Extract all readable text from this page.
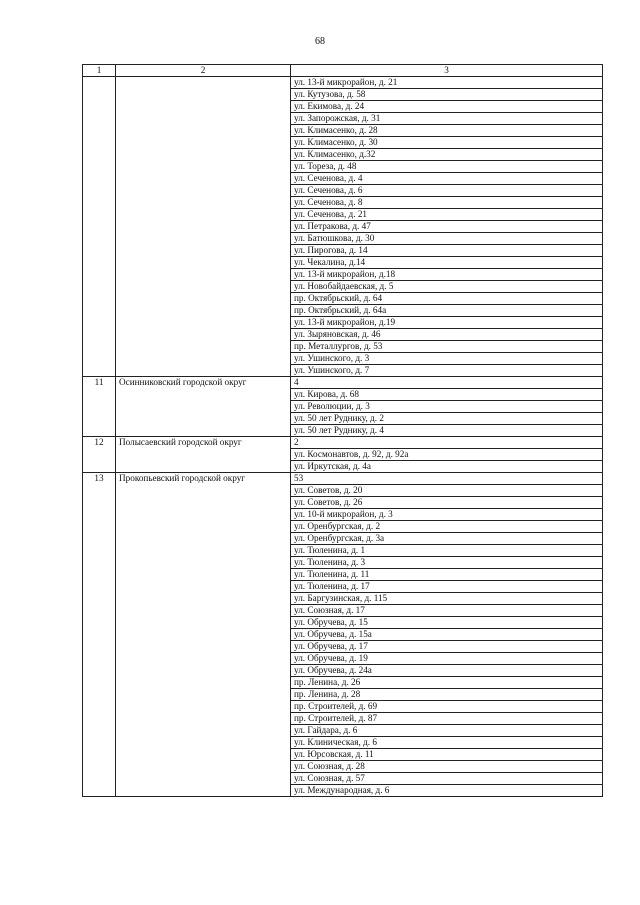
68
1	2	3
		ул. 13-й микрорайон, д. 21
		ул. Кутузова, д. 58
		ул. Екимова, д. 24
		ул. Запорожская, д. 31
		ул. Климасенко, д. 28
		ул. Климасенко, д. 30
		ул. Климасенко, д.32
		ул. Тореза, д. 48
		ул. Сеченова, д. 4
		ул. Сеченова, д. 6
		ул. Сеченова, д. 8
		ул. Сеченова, д. 21
		ул. Петракова, д. 47
		ул. Батюшкова, д. 30
		ул. Пирогова, д. 14
		ул. Чекалина, д.14
		ул. 13-й микрорайон, д.18
		ул. Новобайдаевская, д. 5
		пр. Октябрьский, д. 64
		пр. Октябрьский, д. 64а
		ул. 13-й микрорайон, д.19
		ул. Зыряновская, д. 46
		пр. Металлургов, д. 53
		ул. Ушинского, д. 3
		ул. Ушинского, д. 7
11	Осинниковский городской округ	4
		ул. Кирова, д. 68
		ул. Революции, д. 3
		ул. 50 лет Руднику, д. 2
		ул. 50 лет Руднику, д. 4
12	Полысаевский городской округ	2
		ул. Космонавтов, д. 92, д. 92а
		ул. Иркутская, д. 4а
13	Прокопьевский городской округ	53
		ул. Советов, д. 20
		ул. Советов, д. 26
		ул. 10-й микрорайон, д. 3
		ул. Оренбургская, д. 2
		ул. Оренбургская, д. 3а
		ул. Тюленина, д. 1
		ул. Тюленина, д. 3
		ул. Тюленина, д. 11
		ул. Тюленина, д. 17
		ул. Баргузинская, д. 115
		ул. Союзная, д. 17
		ул. Обручева, д. 15
		ул. Обручева, д. 15а
		ул. Обручева, д. 17
		ул. Обручева, д. 19
		ул. Обручева, д. 24а
		пр. Ленина, д. 26
		пр. Ленина, д. 28
		пр. Строителей, д. 69
		пр. Строителей, д. 87
		ул. Гайдара, д. 6
		ул. Клиническая, д. 6
		ул. Юрсовская, д. 11
		ул. Союзная, д. 28
		ул. Союзная, д. 57
		ул. Международная, д. 6
